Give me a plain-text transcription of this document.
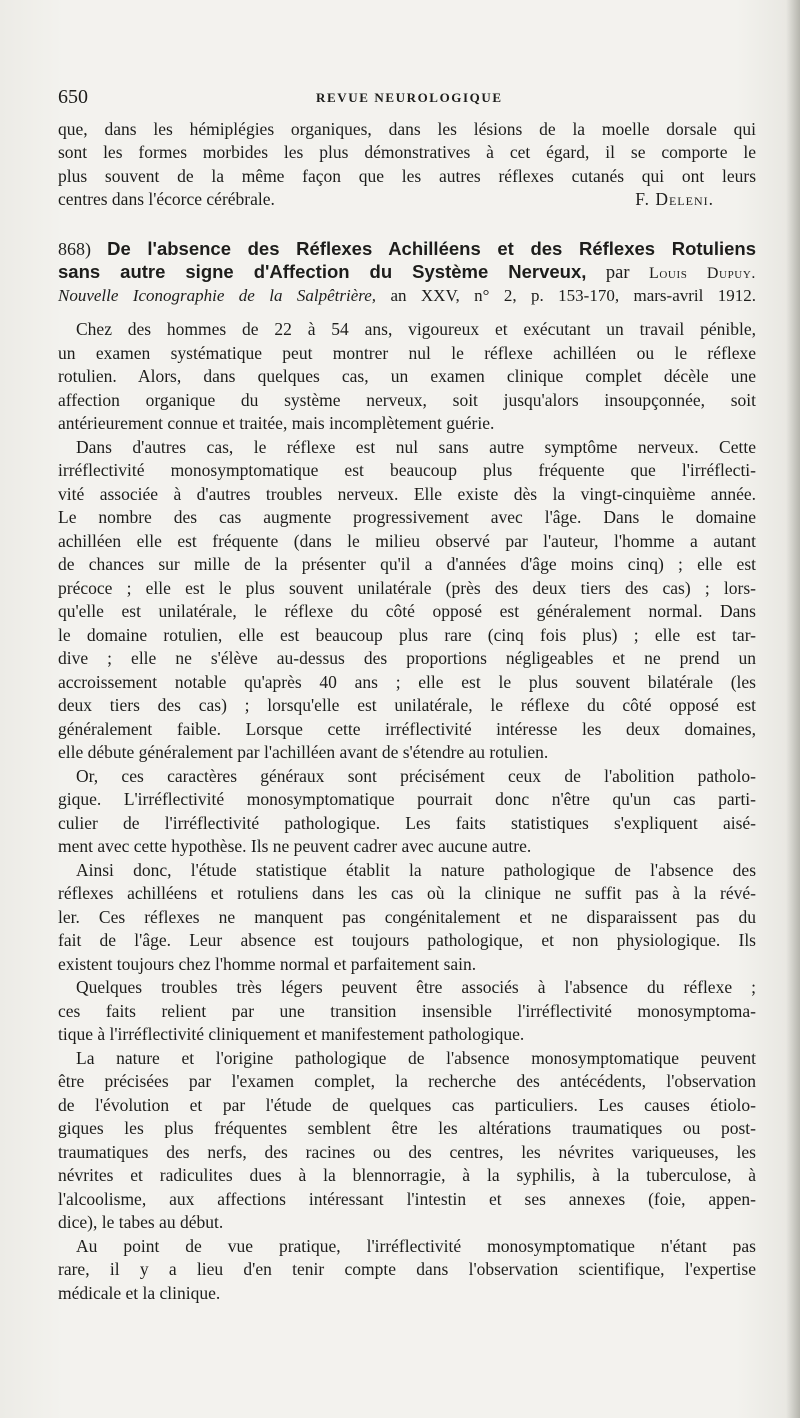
650	REVUE NEUROLOGIQUE
que, dans les hémiplégies organiques, dans les lésions de la moelle dorsale qui
sont les formes morbides les plus démonstratives à cet égard, il se comporte le
plus souvent de la même façon que les autres réflexes cutanés qui ont leurs
centres dans l'écorce cérébrale.	F. Deleni.
868) De l'absence des Réflexes Achilléens et des Réflexes Rotuliens
sans autre signe d'Affection du Système Nerveux, par Louis Dupuy.
Nouvelle Iconographie de la Salpêtrière, an XXV, n° 2, p. 153-170, mars-avril 1912.
Chez des hommes de 22 à 54 ans, vigoureux et exécutant un travail pénible,
un examen systématique peut montrer nul le réflexe achilléen ou le réflexe
rotulien. Alors, dans quelques cas, un examen clinique complet décèle une
affection organique du système nerveux, soit jusqu'alors insoupçonnée, soit
antérieurement connue et traitée, mais incomplètement guérie.
Dans d'autres cas, le réflexe est nul sans autre symptôme nerveux. Cette
irréflectivité monosymptomatique est beaucoup plus fréquente que l'irréflecti-
vité associée à d'autres troubles nerveux. Elle existe dès la vingt-cinquième année.
Le nombre des cas augmente progressivement avec l'âge. Dans le domaine
achilléen elle est fréquente (dans le milieu observé par l'auteur, l'homme a autant
de chances sur mille de la présenter qu'il a d'années d'âge moins cinq) ; elle est
précoce ; elle est le plus souvent unilatérale (près des deux tiers des cas) ; lors-
qu'elle est unilatérale, le réflexe du côté opposé est généralement normal. Dans
le domaine rotulien, elle est beaucoup plus rare (cinq fois plus) ; elle est tar-
dive ; elle ne s'élève au-dessus des proportions négligeables et ne prend un
accroissement notable qu'après 40 ans ; elle est le plus souvent bilatérale (les
deux tiers des cas) ; lorsqu'elle est unilatérale, le réflexe du côté opposé est
généralement faible. Lorsque cette irréflectivité intéresse les deux domaines,
elle débute généralement par l'achilléen avant de s'étendre au rotulien.
Or, ces caractères généraux sont précisément ceux de l'abolition patholo-
gique. L'irréflectivité monosymptomatique pourrait donc n'être qu'un cas parti-
culier de l'irréflectivité pathologique. Les faits statistiques s'expliquent aisé-
ment avec cette hypothèse. Ils ne peuvent cadrer avec aucune autre.
Ainsi donc, l'étude statistique établit la nature pathologique de l'absence des
réflexes achilléens et rotuliens dans les cas où la clinique ne suffit pas à la révé-
ler. Ces réflexes ne manquent pas congénitalement et ne disparaissent pas du
fait de l'âge. Leur absence est toujours pathologique, et non physiologique. Ils
existent toujours chez l'homme normal et parfaitement sain.
Quelques troubles très légers peuvent être associés à l'absence du réflexe ;
ces faits relient par une transition insensible l'irréflectivité monosymptoma-
tique à l'irréflectivité cliniquement et manifestement pathologique.
La nature et l'origine pathologique de l'absence monosymptomatique peuvent
être précisées par l'examen complet, la recherche des antécédents, l'observation
de l'évolution et par l'étude de quelques cas particuliers. Les causes étiolo-
giques les plus fréquentes semblent être les altérations traumatiques ou post-
traumatiques des nerfs, des racines ou des centres, les névrites variqueuses, les
névrites et radiculites dues à la blennorragie, à la syphilis, à la tuberculose, à
l'alcoolisme, aux affections intéressant l'intestin et ses annexes (foie, appen-
dice), le tabes au début.
Au point de vue pratique, l'irréflectivité monosymptomatique n'étant pas
rare, il y a lieu d'en tenir compte dans l'observation scientifique, l'expertise
médicale et la clinique.
